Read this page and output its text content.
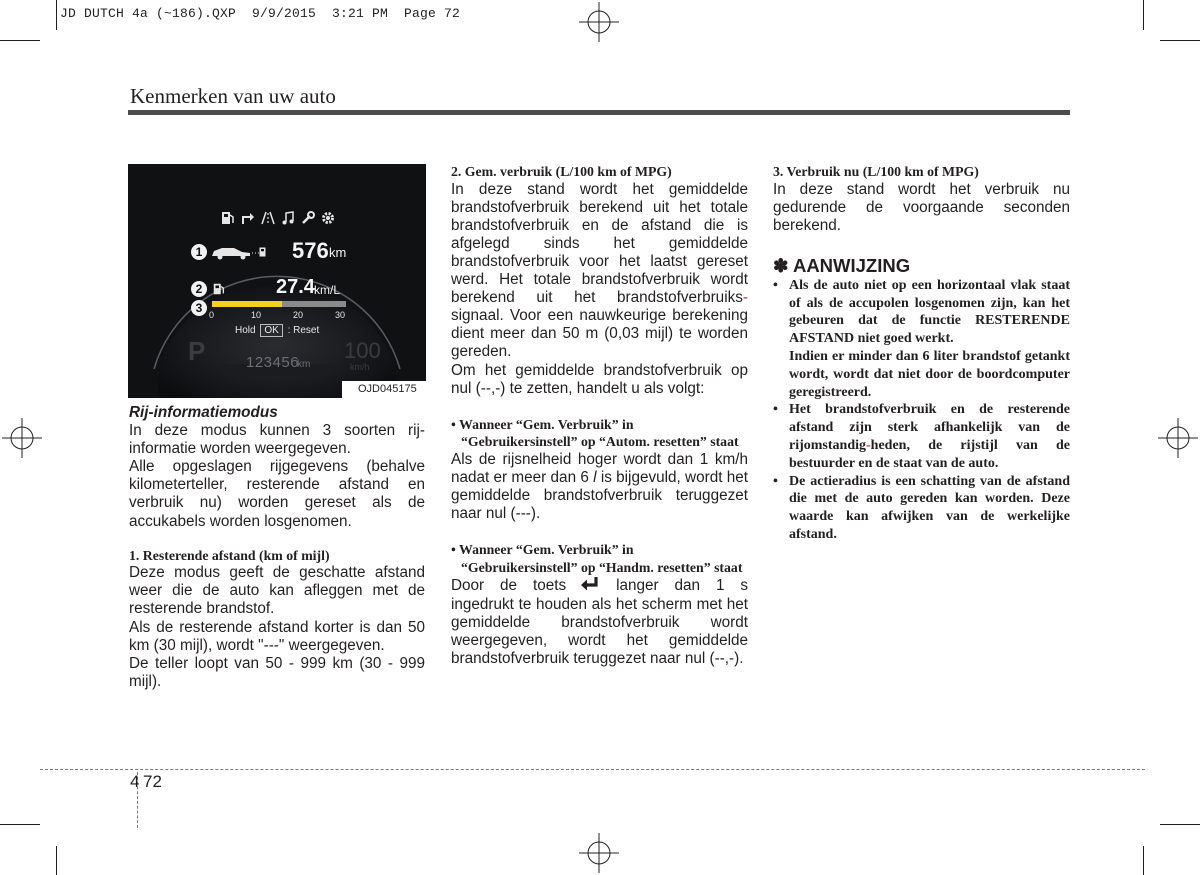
JD DUTCH 4a (~186).QXP  9/9/2015  3:21 PM  Page 72
Kenmerken van uw auto
1	576 km
2	27.4 km/L
3 0	10	20	30
Hold OK : Reset
P	123456
km
100
km/h
OJD045175

Rij-informatiemodus

In deze modus kunnen 3 soorten rij-informatie worden weergegeven.

Alle opgeslagen rijgegevens (behalve kilometerteller, resterende afstand en verbruik nu) worden gereset als de accukabels worden losgenomen.

1. Resterende afstand (km of mijl)

Deze modus geeft de geschatte afstand weer die de auto kan afleggen met de resterende brandstof.

Als de resterende afstand korter is dan 50 km (30 mijl), wordt "---" weergegeven.

De teller loopt van 50 - 999 km (30 - 999 mijl).

2. Gem. verbruik (L/100 km of MPG)

In deze stand wordt het gemiddelde brandstofverbruik berekend uit het totale brandstofverbruik en de afstand die is afgelegd sinds het gemiddelde brandstofverbruik voor het laatst gereset werd. Het totale brandstofverbruik wordt berekend uit het brandstofverbruiks-signaal. Voor een nauwkeurige berekening dient meer dan 50 m (0,03 mijl) te worden gereden.

Om het gemiddelde brandstofverbruik op nul (--,-) te zetten, handelt u als volgt:

• Wanneer “Gem. Verbruik” in “Gebruikersinstell” op “Autom. resetten” staat

Als de rijsnelheid hoger wordt dan 1 km/h nadat er meer dan 6 l is bijgevuld, wordt het gemiddelde brandstofverbruik teruggezet naar nul (---).

• Wanneer “Gem. Verbruik” in “Gebruikersinstell” op “Handm. resetten” staat

Door de toets	langer dan 1 s ingedrukt te houden als het scherm met het gemiddelde brandstofverbruik wordt weergegeven, wordt het gemiddelde brandstofverbruik teruggezet naar nul (--,-).

3. Verbruik nu (L/100 km of MPG)

In deze stand wordt het verbruik nu gedurende de voorgaande seconden berekend.

✽ AANWIJZING

• Als de auto niet op een horizontaal vlak staat of als de accupolen losgenomen zijn, kan het gebeuren dat de functie RESTERENDE AFSTAND niet goed werkt.
Indien er minder dan 6 liter brandstof getankt wordt, wordt dat niet door de boordcomputer geregistreerd.
• Het brandstofverbruik en de resterende afstand zijn sterk afhankelijk van de rijomstandig-heden, de rijstijl van de bestuurder en de staat van de auto.
• De actieradius is een schatting van de afstand die met de auto gereden kan worden. Deze waarde kan afwijken van de werkelijke afstand.
4 72
